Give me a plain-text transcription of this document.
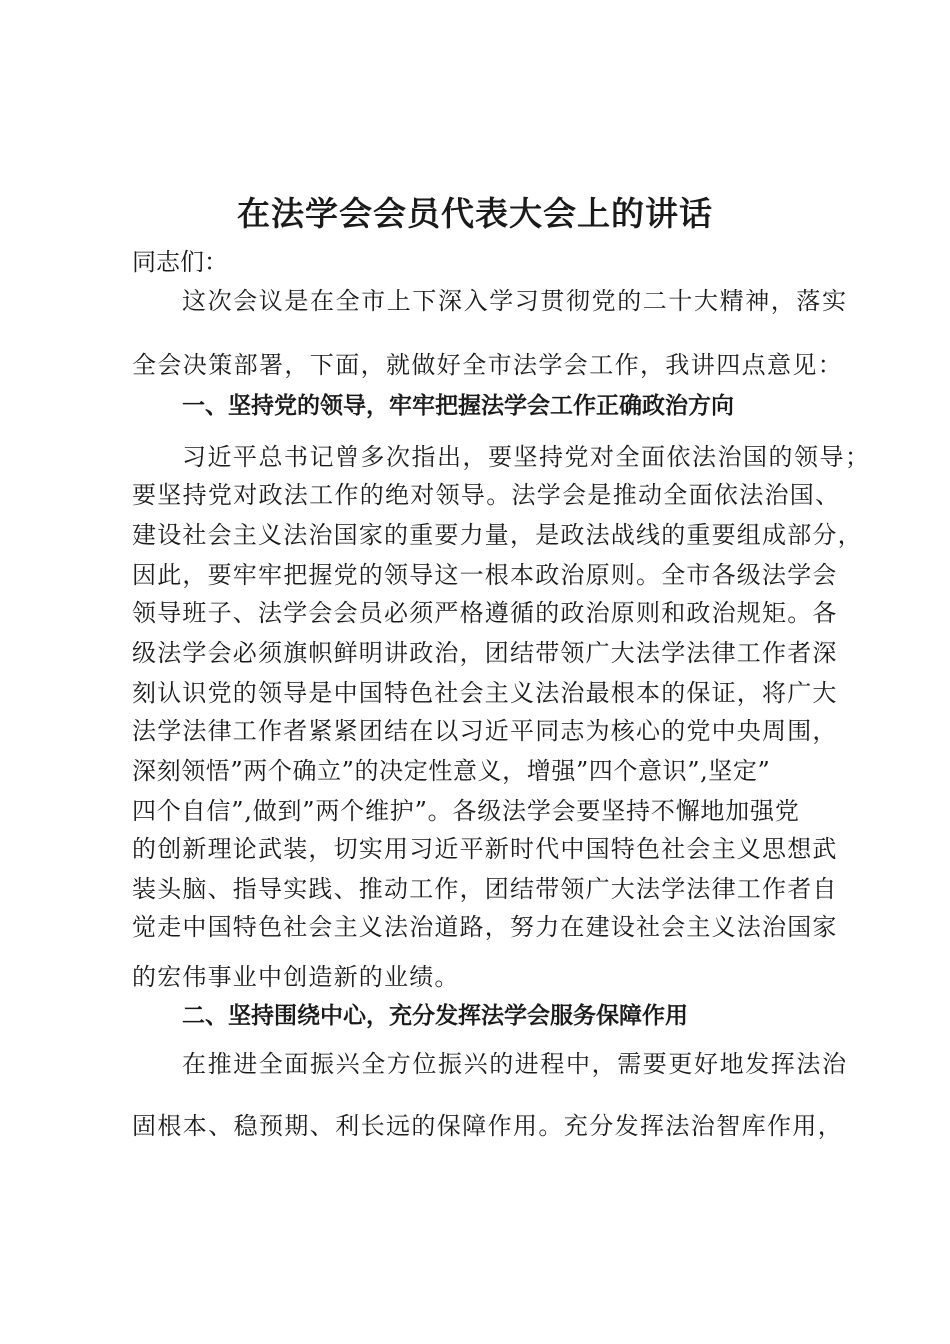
在法学会会员代表大会上的讲话
同志们：
这次会议是在全市上下深入学习贯彻党的二十大精神，落实
全会决策部署，下面，就做好全市法学会工作，我讲四点意见：
一、坚持党的领导，牢牢把握法学会工作正确政治方向
习近平总书记曾多次指出，要坚持党对全面依法治国的领导；
要坚持党对政法工作的绝对领导。法学会是推动全面依法治国、
建设社会主义法治国家的重要力量，是政法战线的重要组成部分，
因此，要牢牢把握党的领导这一根本政治原则。全市各级法学会
领导班子、法学会会员必须严格遵循的政治原则和政治规矩。各
级法学会必须旗帜鲜明讲政治，团结带领广大法学法律工作者深
刻认识党的领导是中国特色社会主义法治最根本的保证，将广大
法学法律工作者紧紧团结在以习近平同志为核心的党中央周围，
深刻领悟”两个确立”的决定性意义，增强”四个意识”,坚定”
四个自信”,做到”两个维护”。各级法学会要坚持不懈地加强党
的创新理论武装，切实用习近平新时代中国特色社会主义思想武
装头脑、指导实践、推动工作，团结带领广大法学法律工作者自
觉走中国特色社会主义法治道路，努力在建设社会主义法治国家
的宏伟事业中创造新的业绩。
二、坚持围绕中心，充分发挥法学会服务保障作用
在推进全面振兴全方位振兴的进程中，需要更好地发挥法治
固根本、稳预期、利长远的保障作用。充分发挥法治智库作用，
